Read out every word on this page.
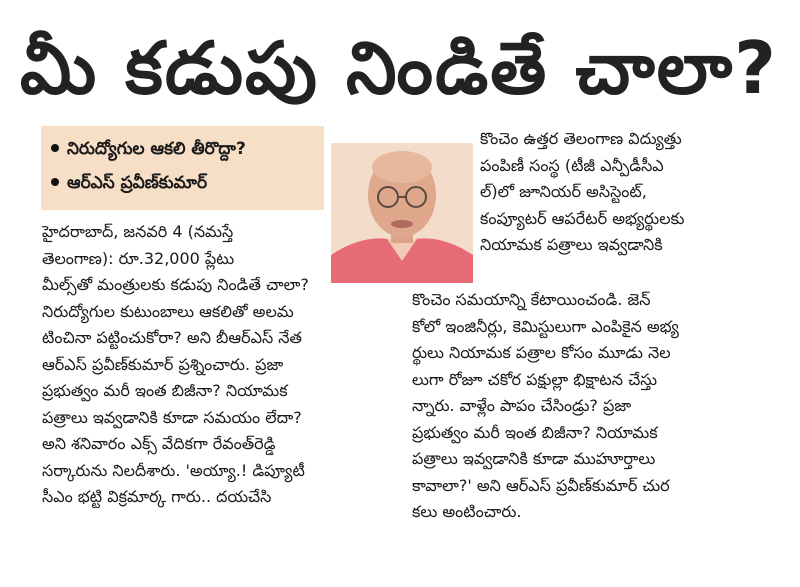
మీ కడుపు నిండితే చాలా?
నిరుద్యోగుల ఆకలి తీరొద్దా?
ఆర్‌ఎస్ ప్రవీణ్‌కుమార్
హైదరాబాద్, జనవరి 4 (నమస్తే
తెలంగాణ): రూ.32,000 ప్లేటు
మీల్స్‌తో మంత్రులకు కడుపు నిండితే చాలా?
నిరుద్యోగుల కుటుంబాలు ఆకలితో అలమ
టించినా పట్టించుకోరా? అని బీఆర్‌ఎస్ నేత
ఆర్‌ఎస్ ప్రవీణ్‌కుమార్ ప్రశ్నించారు. ప్రజా
ప్రభుత్వం మరీ ఇంత బిజీనా? నియామక
పత్రాలు ఇవ్వడానికి కూడా సమయం లేదా?
అని శనివారం ఎక్స్ వేదికగా రేవంత్‌రెడ్డి
సర్కారును నిలదీశారు. 'అయ్యా.! డిప్యూటీ
సీఎం భట్టి విక్రమార్క గారు.. దయచేసి
కొంచెం ఉత్తర తెలంగాణ విద్యుత్తు
పంపిణీ సంస్థ (టీజీ ఎన్పీడీసీఎ
ల్)లో జూనియర్ అసిస్టెంట్,
కంప్యూటర్ ఆపరేటర్ అభ్యర్థులకు
నియామక పత్రాలు ఇవ్వడానికి
కొంచెం సమయాన్ని కేటాయించండి. జెన్
కోలో ఇంజినీర్లు, కెమిస్టులుగా ఎంపికైన అభ్య
ర్థులు నియామక పత్రాల కోసం మూడు నెల
లుగా రోజూ చకోర పక్షుల్లా భిక్షాటన చేస్తు
న్నారు. వాళ్లేం పాపం చేసిండ్రు? ప్రజా
ప్రభుత్వం మరీ ఇంత బిజీనా? నియామక
పత్రాలు ఇవ్వడానికి కూడా ముహూర్తాలు
కావాలా?' అని ఆర్‌ఎస్ ప్రవీణ్‌కుమార్ చుర
కలు అంటించారు.
